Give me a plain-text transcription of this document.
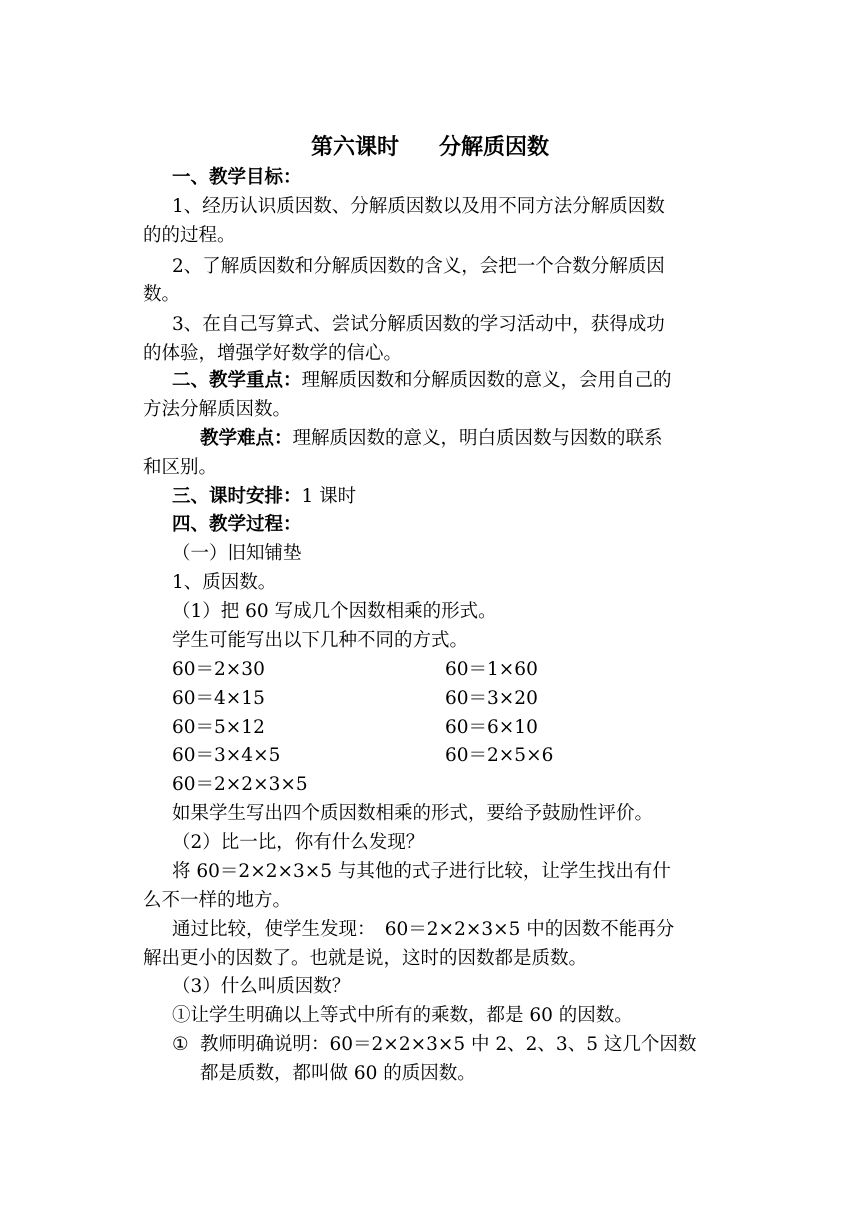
第六课时 分解质因数
一、教学目标：
1、经历认识质因数、分解质因数以及用不同方法分解质因数
的的过程。
2、了解质因数和分解质因数的含义，会把一个合数分解质因
数。
3、在自己写算式、尝试分解质因数的学习活动中，获得成功
的体验，增强学好数学的信心。
二、教学重点：理解质因数和分解质因数的意义，会用自己的
方法分解质因数。
教学难点：理解质因数的意义，明白质因数与因数的联系
和区别。
三、课时安排：1 课时
四、教学过程：
（一）旧知铺垫
1、质因数。
（1）把 60 写成几个因数相乘的形式。
学生可能写出以下几种不同的方式。
60＝2×30	60＝1×60
60＝4×15	60＝3×20
60＝5×12	60＝6×10
60＝3×4×5	60＝2×5×6
60＝2×2×3×5
如果学生写出四个质因数相乘的形式，要给予鼓励性评价。
（2）比一比，你有什么发现？
将 60＝2×2×3×5 与其他的式子进行比较，让学生找出有什
么不一样的地方。
通过比较，使学生发现：　60＝2×2×3×5 中的因数不能再分
解出更小的因数了。也就是说，这时的因数都是质数。
（3）什么叫质因数？
①让学生明确以上等式中所有的乘数，都是 60 的因数。
① 教师明确说明：60＝2×2×3×5 中 2、2、3、5 这几个因数
都是质数，都叫做 60 的质因数。
